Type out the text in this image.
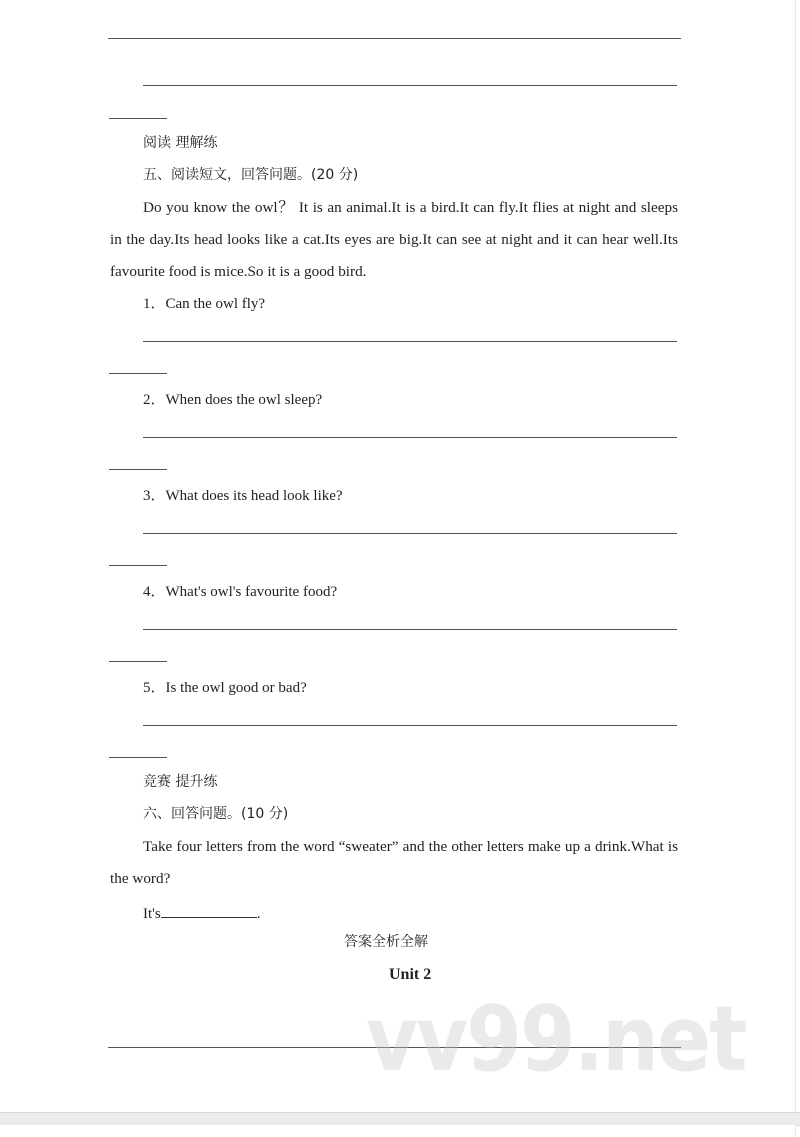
阅读 理解练
五、阅读短文，回答问题。(20 分)
Do you know the owl？ It is an animal.It is a bird.It can fly.It flies at night and sleeps in the day.Its head looks like a cat.Its eyes are big.It can see at night and it can hear well.Its favourite food is mice.So it is a good bird.
1．Can the owl fly?
2．When does the owl sleep?
3．What does its head look like?
4．What's owl's favourite food?
5．Is the owl good or bad?
竞赛 提升练
六、回答问题。(10 分)
Take four letters from the word “sweater” and the other letters make up a drink.What is the word?
It's	.
答案全析全解
Unit 2
vv99.net
